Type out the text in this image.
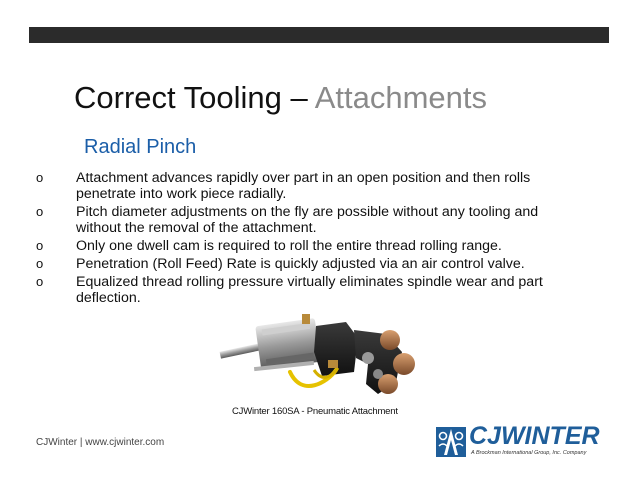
Correct Tooling – Attachments
Radial Pinch
o Attachment advances rapidly over part in an open position and then rolls penetrate into work piece radially.
o Pitch diameter adjustments on the fly are possible without any tooling and without the removal of the attachment.
o Only one dwell cam is required to roll the entire thread rolling range.
o Penetration (Roll Feed) Rate is quickly adjusted via an air control valve.
o Equalized thread rolling pressure virtually eliminates spindle wear and part deflection.
CJWinter 160SA - Pneumatic Attachment
CJWinter | www.cjwinter.com	CJWINTER
A Brockman International Group, Inc. Company
